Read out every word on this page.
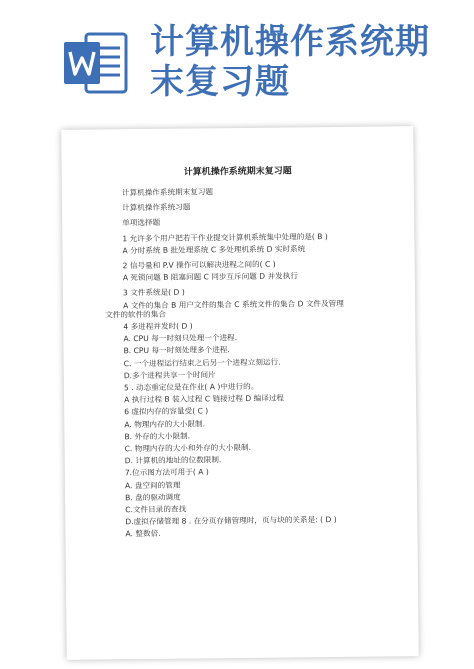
计算机操作系统期
末复习题
计算机操作系统期末复习题
计算机操作系统期末复习题
计算机操作系统习题
单项选择题
1 允许多个用户把若干作业提交计算机系统集中处理的是( B )
A 分时系统 B 批处理系统 C 多处理机系统 D 实时系统
2 信号量和 P.V 操作可以解决进程之间的( C )
A 死锁问题 B 阻塞问题 C 同步互斥问题 D 并发执行
3 文件系统是( D )
A 文件的集合 B 用户文件的集合 C 系统文件的集合 D 文件及管理
文件的软件的集合
4 多进程并发时( D )
A. CPU 每一时刻只处理一个进程.
B. CPU 每一时刻处理多个进程.
C. 一个进程运行结束之后另一个进程立刻运行.
D.多个进程共享一个时间片
5 . 动态重定位是在作业( A )中进行的。
A 执行过程 B 装入过程 C 链接过程 D 编译过程
6 虚拟内存的容量受( C )
A. 物理内存的大小限制.
B. 外存的大小限制.
C. 物理内存的大小和外存的大小限制.
D. 计算机的地址的位数限制.
7.位示图方法可用于( A )
A. 盘空间的管理
B. 盘的驱动调度
C.文件目录的查找
D.虚拟存储管理 8 . 在分页存储管理时，页与块的关系是: ( D )
A. 整数倍.
